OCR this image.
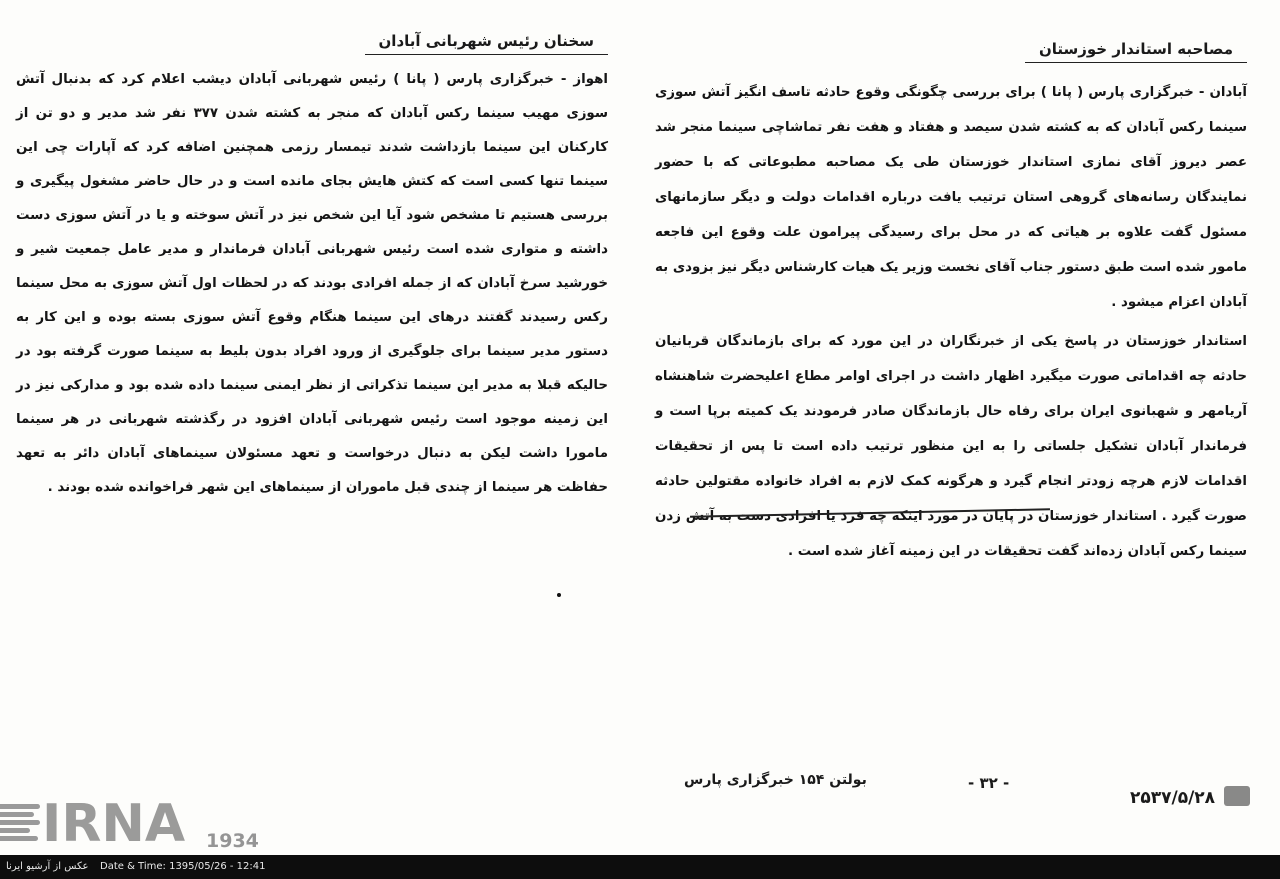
مصاحبه استاندار خوزستان

آبادان - خبرگزاری پارس ( پانا ) برای بررسی چگونگی وقوع حادثه تاسف انگیز آتش سوزی سینما رکس آبادان که به کشته شدن سیصد و هفتاد و هفت نفر تماشاچی سینما منجر شد عصر دیروز آقای نمازی استاندار خوزستان طی یک مصاحبه مطبوعاتی که با حضور نمایندگان رسانه‌های گروهی استان ترتیب یافت درباره اقدامات دولت و دیگر سازمانهای مسئول گفت علاوه بر هیاتی که در محل برای رسیدگی پیرامون علت وقوع این فاجعه مامور شده است طبق دستور جناب آقای نخست وزیر یک هیات کارشناس دیگر نیز بزودی به آبادان اعزام میشود .

استاندار خوزستان در پاسخ یکی از خبرنگاران در این مورد که برای بازماندگان قربانیان حادثه چه اقداماتی صورت میگیرد اظهار داشت در اجرای اوامر مطاع اعلیحضرت شاهنشاه آریامهر و شهبانوی ایران برای رفاه حال بازماندگان صادر فرمودند یک کمیته برپا است و فرماندار آبادان تشکیل جلساتی را به این منظور ترتیب داده است تا پس از تحقیقات اقدامات لازم هرچه زودتر انجام گیرد و هرگونه کمک لازم به افراد خانواده مقتولین حادثه صورت گیرد . استاندار خوزستان در پایان در مورد اینکه چه فرد یا افرادی دست به آتش زدن سینما رکس آبادان زده‌اند گفت تحقیقات در این زمینه آغاز شده است .

سخنان رئیس شهربانی آبادان

اهواز - خبرگزاری پارس ( پانا ) رئیس شهربانی آبادان دیشب اعلام کرد که بدنبال آتش سوزی مهیب سینما رکس آبادان که منجر به کشته شدن ۳۷۷ نفر شد مدیر و دو تن از کارکنان این سینما بازداشت شدند تیمسار رزمی همچنین اضافه کرد که آپارات چی این سینما تنها کسی است که کتش هایش بجای مانده است و در حال حاضر مشغول پیگیری و بررسی هستیم تا مشخص شود آیا این شخص نیز در آتش سوخته و یا در آتش سوزی دست داشته و متواری شده است رئیس شهربانی آبادان فرماندار و مدیر عامل جمعیت شیر و خورشید سرخ آبادان که از جمله افرادی بودند که در لحظات اول آتش سوزی به محل سینما رکس رسیدند گفتند درهای این سینما هنگام وقوع آتش سوزی بسته بوده و این کار به دستور مدیر سینما برای جلوگیری از ورود افراد بدون بلیط به سینما صورت گرفته بود در حالیکه قبلا به مدیر این سینما تذکراتی از نظر ایمنی سینما داده شده بود و مدارکی نیز در این زمینه موجود است رئیس شهربانی آبادان افزود در رگذشته شهربانی در هر سینما مامورا داشت لیکن به دنبال درخواست و تعهد مسئولان سینماهای آبادان دائر به تعهد حفاظت هر سینما از چندی قبل ماموران از سینماهای این شهر فراخوانده شده بودند .

بولتن ۱۵۴ خبرگزاری پارس	- ۳۲ -
۲۵۳۷/۵/۲۸
IRNA 1934
عکس از آرشیو ایرنا Date & Time: 1395/05/26 - 12:41
